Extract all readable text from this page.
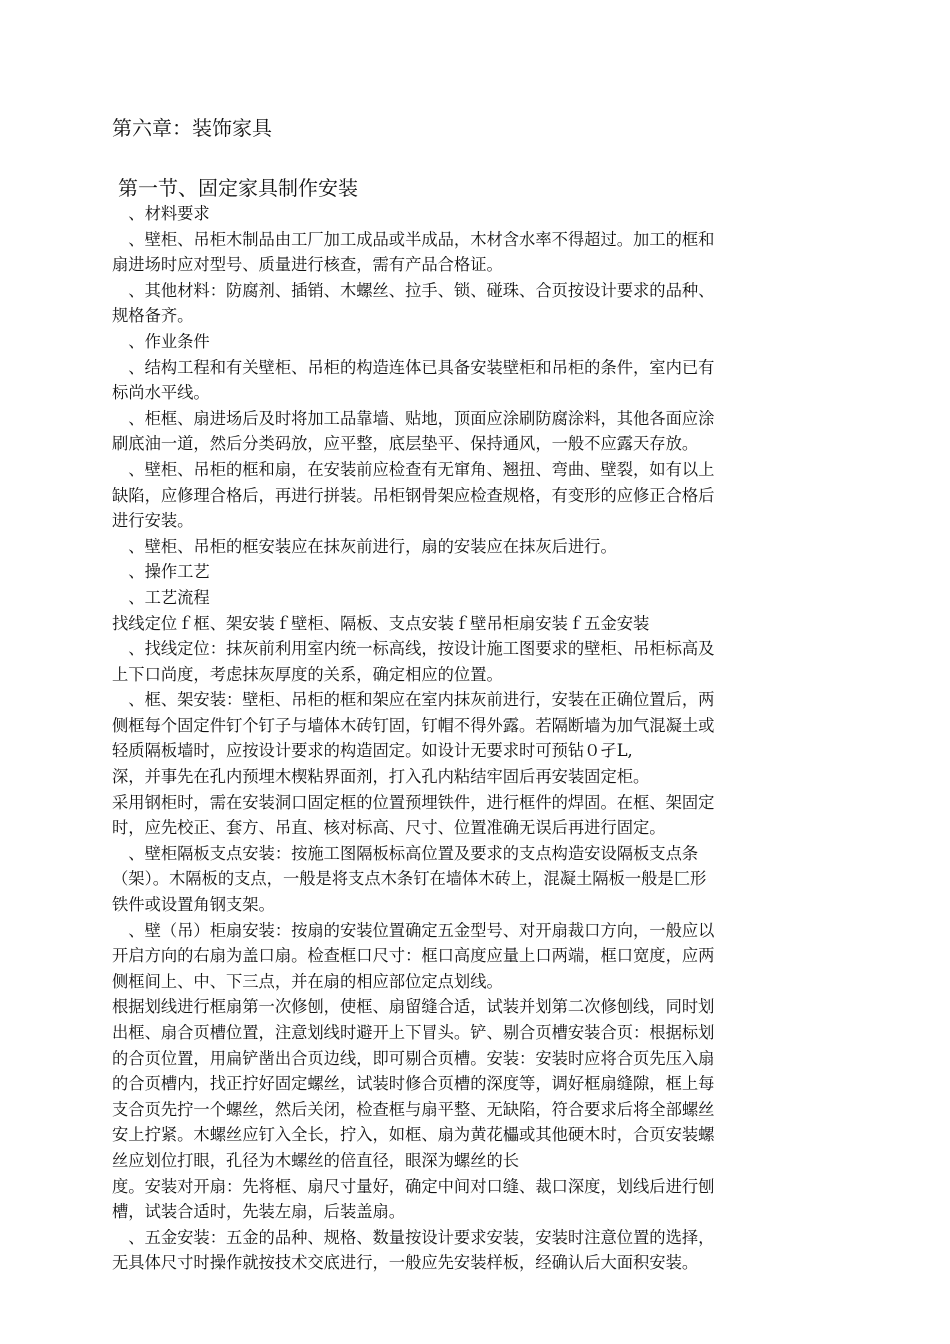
第六章：装饰家具
第一节、固定家具制作安装
　、材料要求
　、壁柜、吊柜木制品由工厂加工成品或半成品，木材含水率不得超过。加工的框和
扇进场时应对型号、质量进行核查，需有产品合格证。
　、其他材料：防腐剂、插销、木螺丝、拉手、锁、碰珠、合页按设计要求的品种、
规格备齐。
　、作业条件
　、结构工程和有关壁柜、吊柜的构造连体已具备安装壁柜和吊柜的条件，室内已有
标尚水平线。
　、柜框、扇进场后及时将加工品靠墙、贴地，顶面应涂刷防腐涂料，其他各面应涂
刷底油一道，然后分类码放，应平整，底层垫平、保持通风，一般不应露天存放。
　、壁柜、吊柜的框和扇，在安装前应检查有无窜角、翘扭、弯曲、壁裂，如有以上
缺陷，应修理合格后，再进行拼装。吊柜钢骨架应检查规格，有变形的应修正合格后
进行安装。
　、壁柜、吊柜的框安装应在抹灰前进行，扇的安装应在抹灰后进行。
　、操作工艺
　、工艺流程
找线定位ｆ框、架安装ｆ壁柜、隔板、支点安装ｆ壁吊柜扇安装ｆ五金安装
　、找线定位：抹灰前利用室内统一标高线，按设计施工图要求的壁柜、吊柜标高及
上下口尚度，考虑抹灰厚度的关系，确定相应的位置。
　、框、架安装：壁柜、吊柜的框和架应在室内抹灰前进行，安装在正确位置后，两
侧框每个固定件钉个钉子与墙体木砖钉固，钉帽不得外露。若隔断墙为加气混凝土或
轻质隔板墙时，应按设计要求的构造固定。如设计无要求时可预钻０孑L,
深，并事先在孔内预埋木楔粘界面剂，打入孔内粘结牢固后再安装固定柜。
采用钢柜时，需在安装洞口固定框的位置预埋铁件，进行框件的焊固。在框、架固定
时，应先校正、套方、吊直、核对标高、尺寸、位置准确无误后再进行固定。
　、壁柜隔板支点安装：按施工图隔板标高位置及要求的支点构造安设隔板支点条
（架）。木隔板的支点，一般是将支点木条钉在墙体木砖上，混凝土隔板一般是匚形
铁件或设置角钢支架。
　、壁（吊）柜扇安装：按扇的安装位置确定五金型号、对开扇裁口方向，一般应以
开启方向的右扇为盖口扇。检查框口尺寸：框口高度应量上口两端，框口宽度，应两
侧框间上、中、下三点，并在扇的相应部位定点划线。
根据划线进行框扇第一次修刨，使框、扇留缝合适，试装并划第二次修刨线，同时划
出框、扇合页槽位置，注意划线时避开上下冒头。铲、剔合页槽安装合页：根据标划
的合页位置，用扁铲凿出合页边线，即可剔合页槽。安装：安装时应将合页先压入扇
的合页槽内，找正拧好固定螺丝，试装时修合页槽的深度等，调好框扇缝隙，框上每
支合页先拧一个螺丝，然后关闭，检查框与扇平整、无缺陷，符合要求后将全部螺丝
安上拧紧。木螺丝应钉入全长，拧入，如框、扇为黄花櫑或其他硬木时，合页安装螺
丝应划位打眼，孔径为木螺丝的倍直径，眼深为螺丝的长
度。安装对开扇：先将框、扇尺寸量好，确定中间对口缝、裁口深度，划线后进行刨
槽，试装合适时，先装左扇，后装盖扇。
　、五金安装：五金的品种、规格、数量按设计要求安装，安装时注意位置的选择，
无具体尺寸时操作就按技术交底进行，一般应先安装样板，经确认后大面积安装。
